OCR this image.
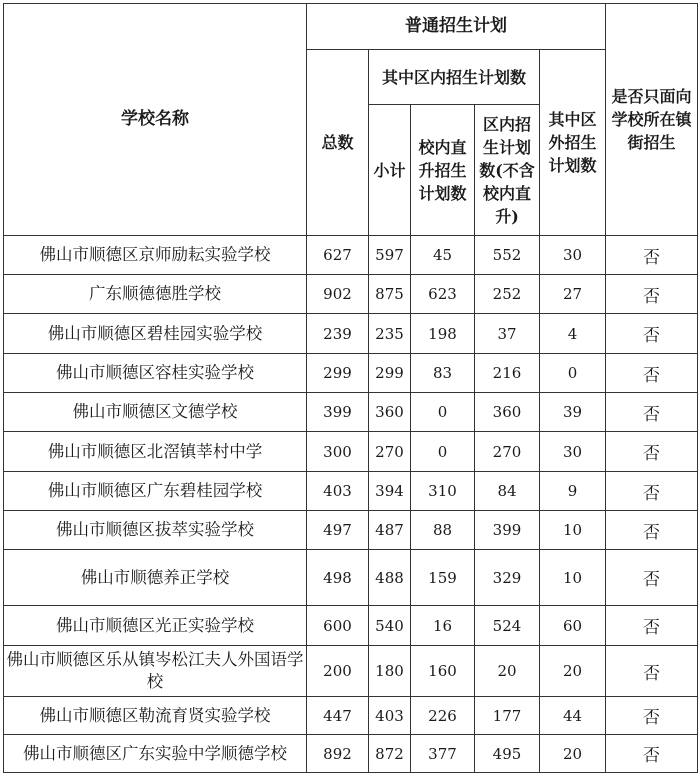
学校名称	普通招生计划					是否只面向学校所在镇街招生

	总数	其中区内招生计划数			其中区外招生计划数	

		小计	校内直升招生计划数	区内招生计划数(不含校内直升)		

佛山市顺德区京师励耘实验学校	627	597	45	552	30	否
广东顺德德胜学校	902	875	623	252	27	否
佛山市顺德区碧桂园实验学校	239	235	198	37	4	否
佛山市顺德区容桂实验学校	299	299	83	216	0	否
佛山市顺德区文德学校	399	360	0	360	39	否
佛山市顺德区北滘镇莘村中学	300	270	0	270	30	否
佛山市顺德区广东碧桂园学校	403	394	310	84	9	否
佛山市顺德区拔萃实验学校	497	487	88	399	10	否
佛山市顺德养正学校	498	488	159	329	10	否
佛山市顺德区光正实验学校	600	540	16	524	60	否

佛山市顺德区乐从镇岑松江夫人外国语学校	200	180	160	20	20	否
佛山市顺德区勒流育贤实验学校	447	403	226	177	44	否
佛山市顺德区广东实验中学顺德学校	892	872	377	495	20	否
